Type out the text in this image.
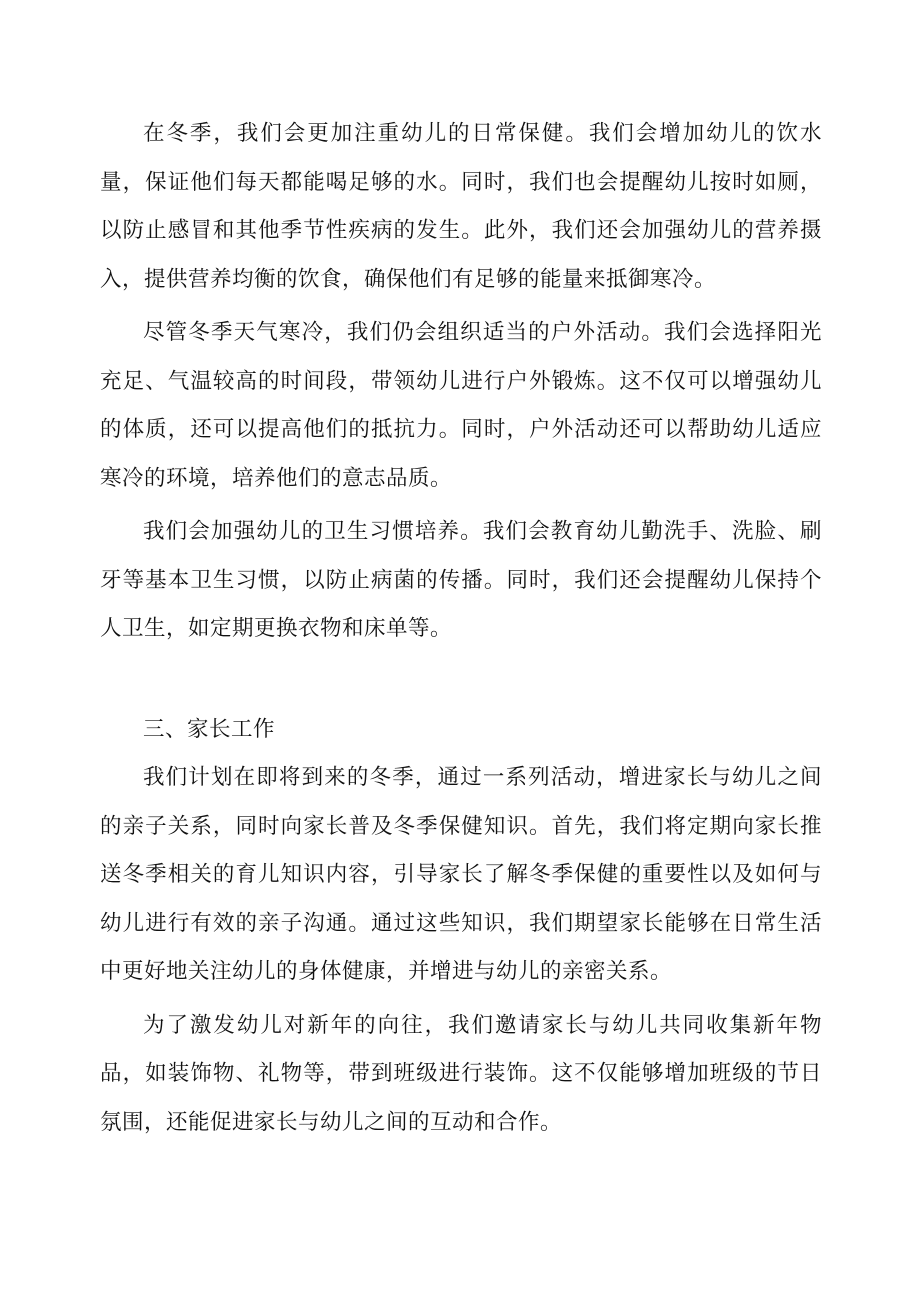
在冬季，我们会更加注重幼儿的日常保健。我们会增加幼儿的饮水量，保证他们每天都能喝足够的水。同时，我们也会提醒幼儿按时如厕，以防止感冒和其他季节性疾病的发生。此外，我们还会加强幼儿的营养摄入，提供营养均衡的饮食，确保他们有足够的能量来抵御寒冷。

尽管冬季天气寒冷，我们仍会组织适当的户外活动。我们会选择阳光充足、气温较高的时间段，带领幼儿进行户外锻炼。这不仅可以增强幼儿的体质，还可以提高他们的抵抗力。同时，户外活动还可以帮助幼儿适应寒冷的环境，培养他们的意志品质。

我们会加强幼儿的卫生习惯培养。我们会教育幼儿勤洗手、洗脸、刷牙等基本卫生习惯，以防止病菌的传播。同时，我们还会提醒幼儿保持个人卫生，如定期更换衣物和床单等。

三、家长工作

我们计划在即将到来的冬季，通过一系列活动，增进家长与幼儿之间的亲子关系，同时向家长普及冬季保健知识。首先，我们将定期向家长推送冬季相关的育儿知识内容，引导家长了解冬季保健的重要性以及如何与幼儿进行有效的亲子沟通。通过这些知识，我们期望家长能够在日常生活中更好地关注幼儿的身体健康，并增进与幼儿的亲密关系。

为了激发幼儿对新年的向往，我们邀请家长与幼儿共同收集新年物品，如装饰物、礼物等，带到班级进行装饰。这不仅能够增加班级的节日氛围，还能促进家长与幼儿之间的互动和合作。
